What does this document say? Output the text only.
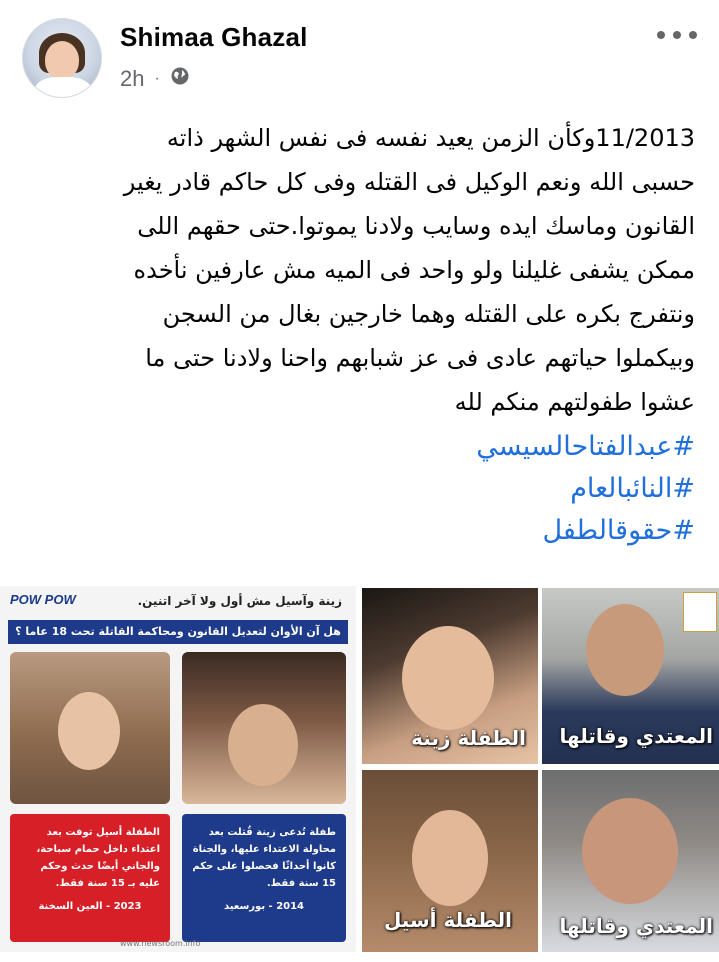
Shimaa Ghazal
2h ·

11/2013وكأن الزمن يعيد نفسه فى نفس الشهر ذاته

حسبى الله ونعم الوكيل فى القتله وفى كل حاكم قادر يغير

القانون وماسك ايده وسايب ولادنا يموتوا.حتى حقهم اللى

ممكن يشفى غليلنا ولو واحد فى الميه مش عارفين نأخده

ونتفرج بكره على القتله وهما خارجين بغال من السجن

وبيكملوا حياتهم عادى فى عز شبابهم واحنا ولادنا حتى ما

عشوا طفولتهم منكم لله

#عبدالفتاحالسيسي
#النائبالعام
#حقوقالطفل
POW POW	زينة وآسيل مش أول ولا آخر اتنين.
هل آن الأوان لتعديل القانون ومحاكمة القاتلة تحت 18 عاما ؟
الطفلة أسيل توفت بعد اعتداء داخل حمام سباحة، والجاني أيضًا حدث وحكم عليه بـ 15 سنة فقط.
2023 - العين السخنة
طفلة تُدعى زينة قُتلت بعد محاولة الاعتداء عليها، والجناة كانوا أحداثًا فحصلوا على حكم 15 سنة فقط.
2014 - بورسعيد
www.newsroom.info
الطفلة زينة المعتدي وقاتلها
الطفلة أسيل المعتدي وقاتلها
